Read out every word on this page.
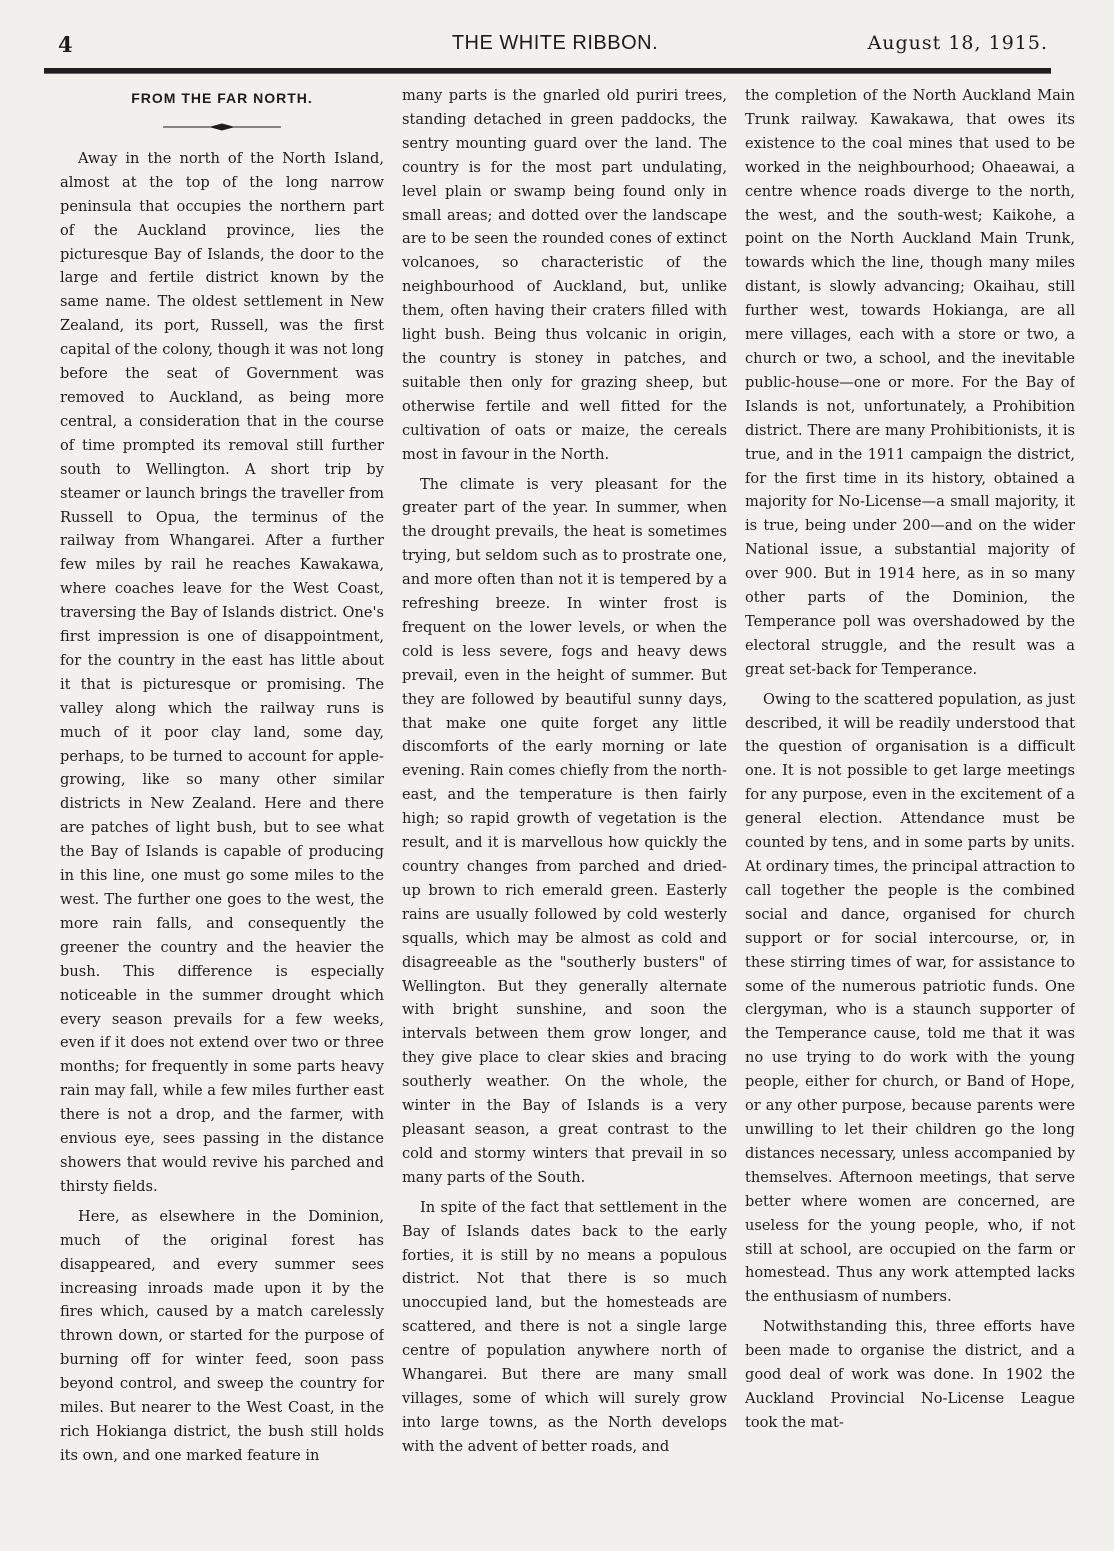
4	THE WHITE RIBBON.	August 18, 1915.
FROM THE FAR NORTH.

Away in the north of the North Island, almost at the top of the long narrow peninsula that occupies the northern part of the Auckland province, lies the picturesque Bay of Islands, the door to the large and fertile district known by the same name. The oldest settlement in New Zealand, its port, Russell, was the first capital of the colony, though it was not long before the seat of Government was removed to Auckland, as being more central, a consideration that in the course of time prompted its removal still further south to Wellington. A short trip by steamer or launch brings the traveller from Russell to Opua, the terminus of the railway from Whangarei. After a further few miles by rail he reaches Kawakawa, where coaches leave for the West Coast, traversing the Bay of Islands district. One's first impression is one of disappointment, for the country in the east has little about it that is picturesque or promising. The valley along which the railway runs is much of it poor clay land, some day, perhaps, to be turned to account for apple-growing, like so many other similar districts in New Zealand. Here and there are patches of light bush, but to see what the Bay of Islands is capable of producing in this line, one must go some miles to the west. The further one goes to the west, the more rain falls, and consequently the greener the country and the heavier the bush. This difference is especially noticeable in the summer drought which every season prevails for a few weeks, even if it does not extend over two or three months; for frequently in some parts heavy rain may fall, while a few miles further east there is not a drop, and the farmer, with envious eye, sees passing in the distance showers that would revive his parched and thirsty fields.

Here, as elsewhere in the Dominion, much of the original forest has disappeared, and every summer sees increasing inroads made upon it by the fires which, caused by a match carelessly thrown down, or started for the purpose of burning off for winter feed, soon pass beyond control, and sweep the country for miles. But nearer to the West Coast, in the rich Hokianga district, the bush still holds its own, and one marked feature in

many parts is the gnarled old puriri trees, standing detached in green paddocks, the sentry mounting guard over the land. The country is for the most part undulating, level plain or swamp being found only in small areas; and dotted over the landscape are to be seen the rounded cones of extinct volcanoes, so characteristic of the neighbourhood of Auckland, but, unlike them, often having their craters filled with light bush. Being thus volcanic in origin, the country is stoney in patches, and suitable then only for grazing sheep, but otherwise fertile and well fitted for the cultivation of oats or maize, the cereals most in favour in the North.

The climate is very pleasant for the greater part of the year. In summer, when the drought prevails, the heat is sometimes trying, but seldom such as to prostrate one, and more often than not it is tempered by a refreshing breeze. In winter frost is frequent on the lower levels, or when the cold is less severe, fogs and heavy dews prevail, even in the height of summer. But they are followed by beautiful sunny days, that make one quite forget any little discomforts of the early morning or late evening. Rain comes chiefly from the north-east, and the temperature is then fairly high; so rapid growth of vegetation is the result, and it is marvellous how quickly the country changes from parched and dried-up brown to rich emerald green. Easterly rains are usually followed by cold westerly squalls, which may be almost as cold and disagreeable as the "southerly busters" of Wellington. But they generally alternate with bright sunshine, and soon the intervals between them grow longer, and they give place to clear skies and bracing southerly weather. On the whole, the winter in the Bay of Islands is a very pleasant season, a great contrast to the cold and stormy winters that prevail in so many parts of the South.

In spite of the fact that settlement in the Bay of Islands dates back to the early forties, it is still by no means a populous district. Not that there is so much unoccupied land, but the homesteads are scattered, and there is not a single large centre of population anywhere north of Whangarei. But there are many small villages, some of which will surely grow into large towns, as the North develops with the advent of better roads, and

the completion of the North Auckland Main Trunk railway. Kawakawa, that owes its existence to the coal mines that used to be worked in the neighbourhood; Ohaeawai, a centre whence roads diverge to the north, the west, and the south-west; Kaikohe, a point on the North Auckland Main Trunk, towards which the line, though many miles distant, is slowly advancing; Okaihau, still further west, towards Hokianga, are all mere villages, each with a store or two, a church or two, a school, and the inevitable public-house—one or more. For the Bay of Islands is not, unfortunately, a Prohibition district. There are many Prohibitionists, it is true, and in the 1911 campaign the district, for the first time in its history, obtained a majority for No-License—a small majority, it is true, being under 200—and on the wider National issue, a substantial majority of over 900. But in 1914 here, as in so many other parts of the Dominion, the Temperance poll was overshadowed by the electoral struggle, and the result was a great set-back for Temperance.

Owing to the scattered population, as just described, it will be readily understood that the question of organisation is a difficult one. It is not possible to get large meetings for any purpose, even in the excitement of a general election. Attendance must be counted by tens, and in some parts by units. At ordinary times, the principal attraction to call together the people is the combined social and dance, organised for church support or for social intercourse, or, in these stirring times of war, for assistance to some of the numerous patriotic funds. One clergyman, who is a staunch supporter of the Temperance cause, told me that it was no use trying to do work with the young people, either for church, or Band of Hope, or any other purpose, because parents were unwilling to let their children go the long distances necessary, unless accompanied by themselves. Afternoon meetings, that serve better where women are concerned, are useless for the young people, who, if not still at school, are occupied on the farm or homestead. Thus any work attempted lacks the enthusiasm of numbers.

Notwithstanding this, three efforts have been made to organise the district, and a good deal of work was done. In 1902 the Auckland Provincial No-License League took the mat-
